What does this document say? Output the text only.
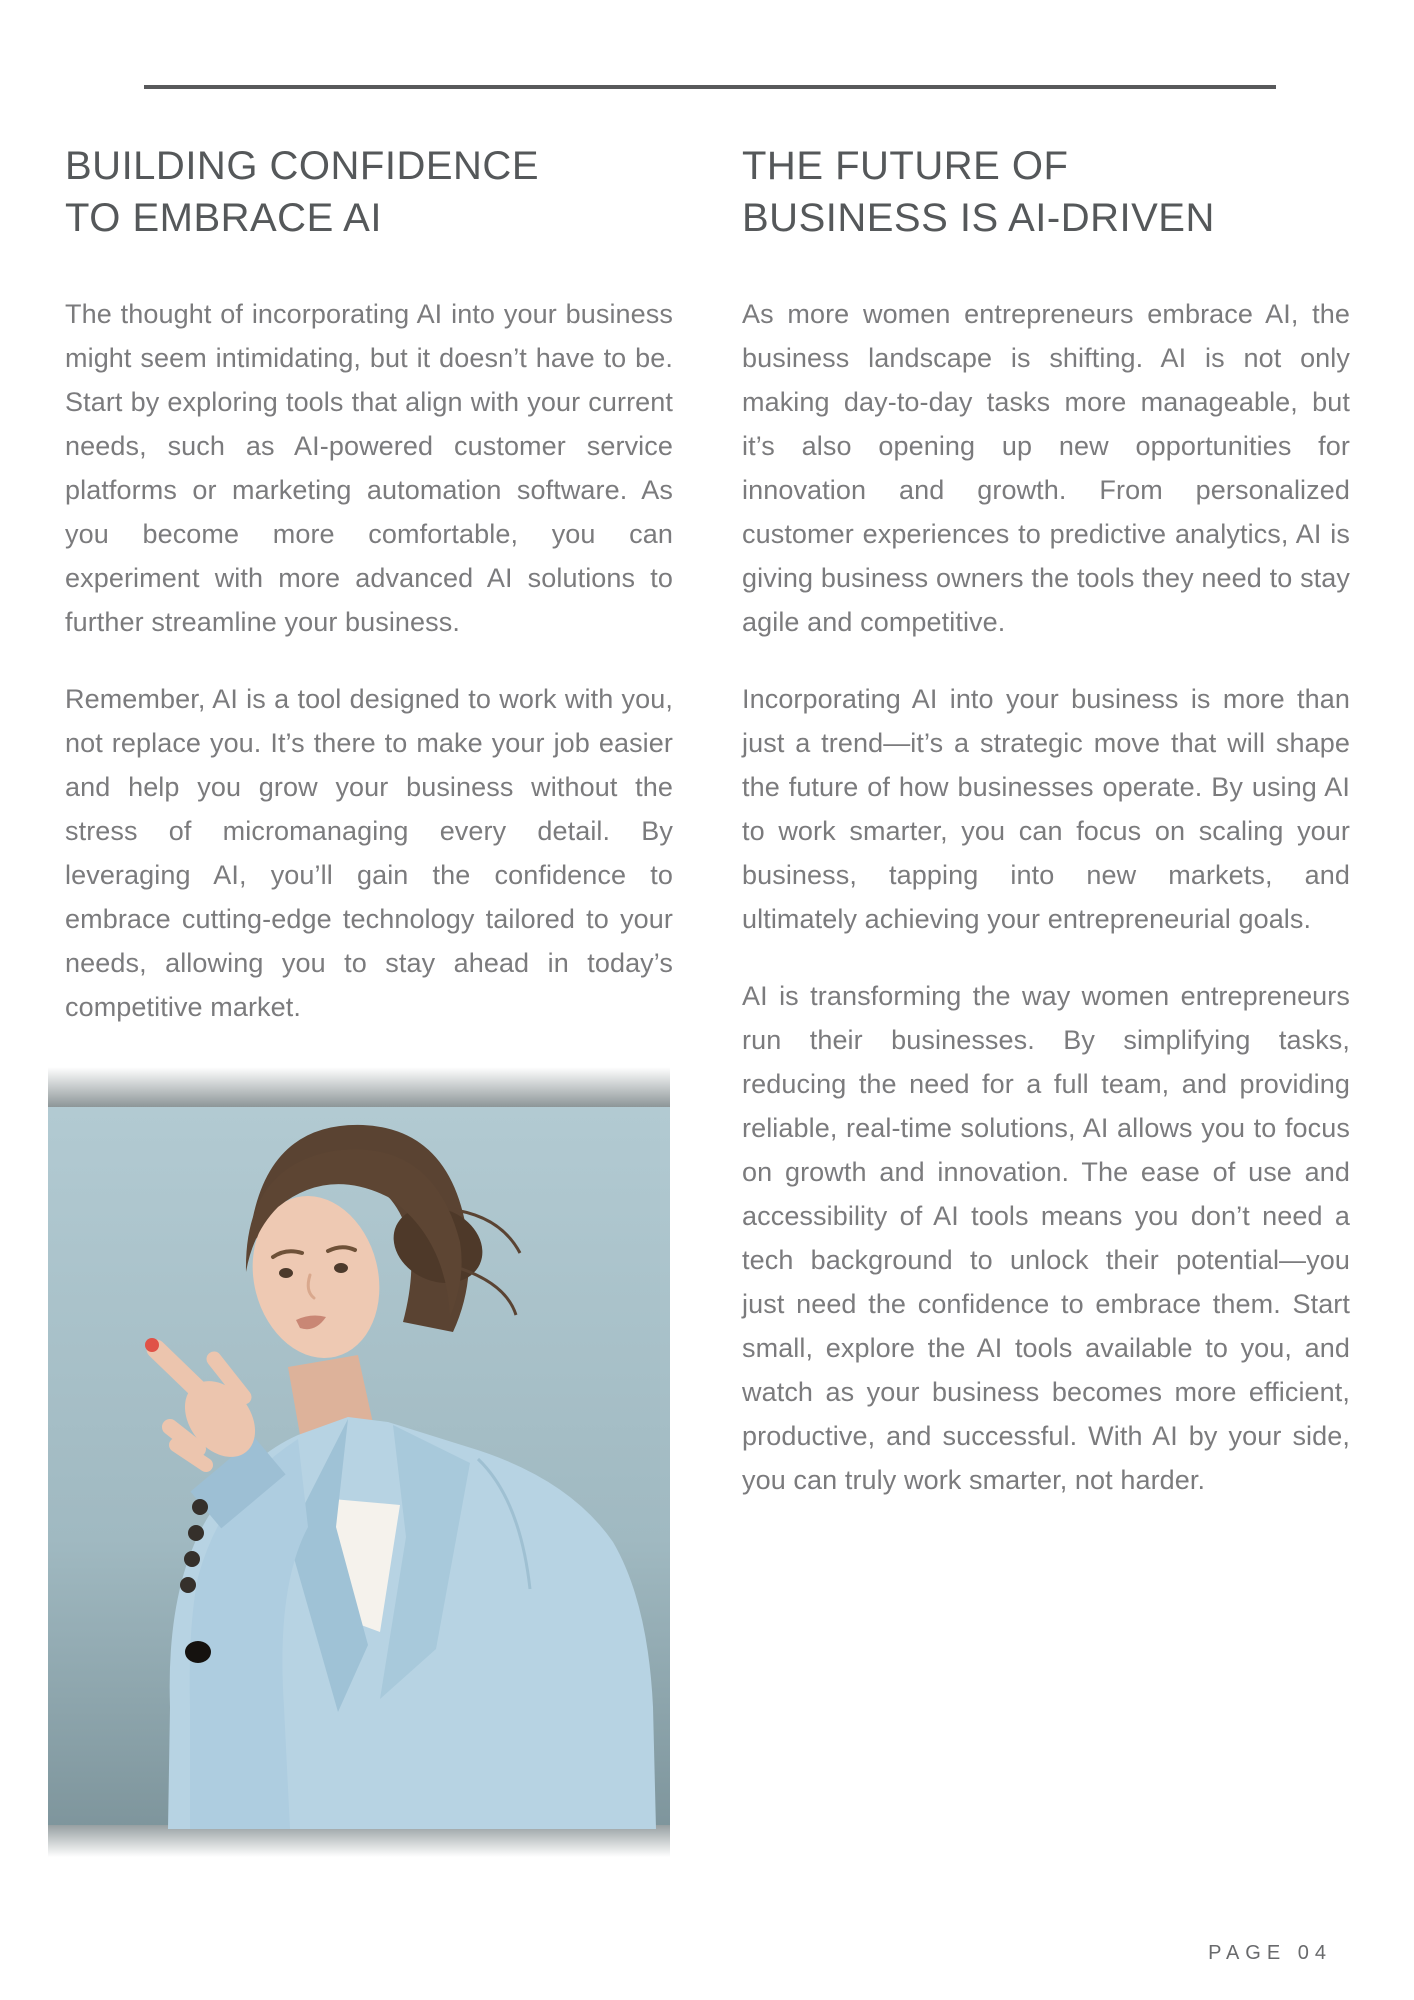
BUILDING CONFIDENCE
TO EMBRACE AI

The thought of incorporating AI into your business might seem intimidating, but it doesn’t have to be. Start by exploring tools that align with your current needs, such as AI-powered customer service platforms or marketing automation software. As you become more comfortable, you can experiment with more advanced AI solutions to further streamline your business.

Remember, AI is a tool designed to work with you, not replace you. It’s there to make your job easier and help you grow your business without the stress of micromanaging every detail. By leveraging AI, you’ll gain the confidence to embrace cutting-edge technology tailored to your needs, allowing you to stay ahead in today’s competitive market.

THE FUTURE OF
BUSINESS IS AI-DRIVEN

As more women entrepreneurs embrace AI, the business landscape is shifting. AI is not only making day-to-day tasks more manageable, but it’s also opening up new opportunities for innovation and growth. From personalized customer experiences to predictive analytics, AI is giving business owners the tools they need to stay agile and competitive.

Incorporating AI into your business is more than just a trend—it’s a strategic move that will shape the future of how businesses operate. By using AI to work smarter, you can focus on scaling your business, tapping into new markets, and ultimately achieving your entrepreneurial goals.

AI is transforming the way women entrepreneurs run their businesses. By simplifying tasks, reducing the need for a full team, and providing reliable, real-time solutions, AI allows you to focus on growth and innovation. The ease of use and accessibility of AI tools means you don’t need a tech background to unlock their potential—you just need the confidence to embrace them. Start small, explore the AI tools available to you, and watch as your business becomes more efficient, productive, and successful. With AI by your side, you can truly work smarter, not harder.

PAGE 04
